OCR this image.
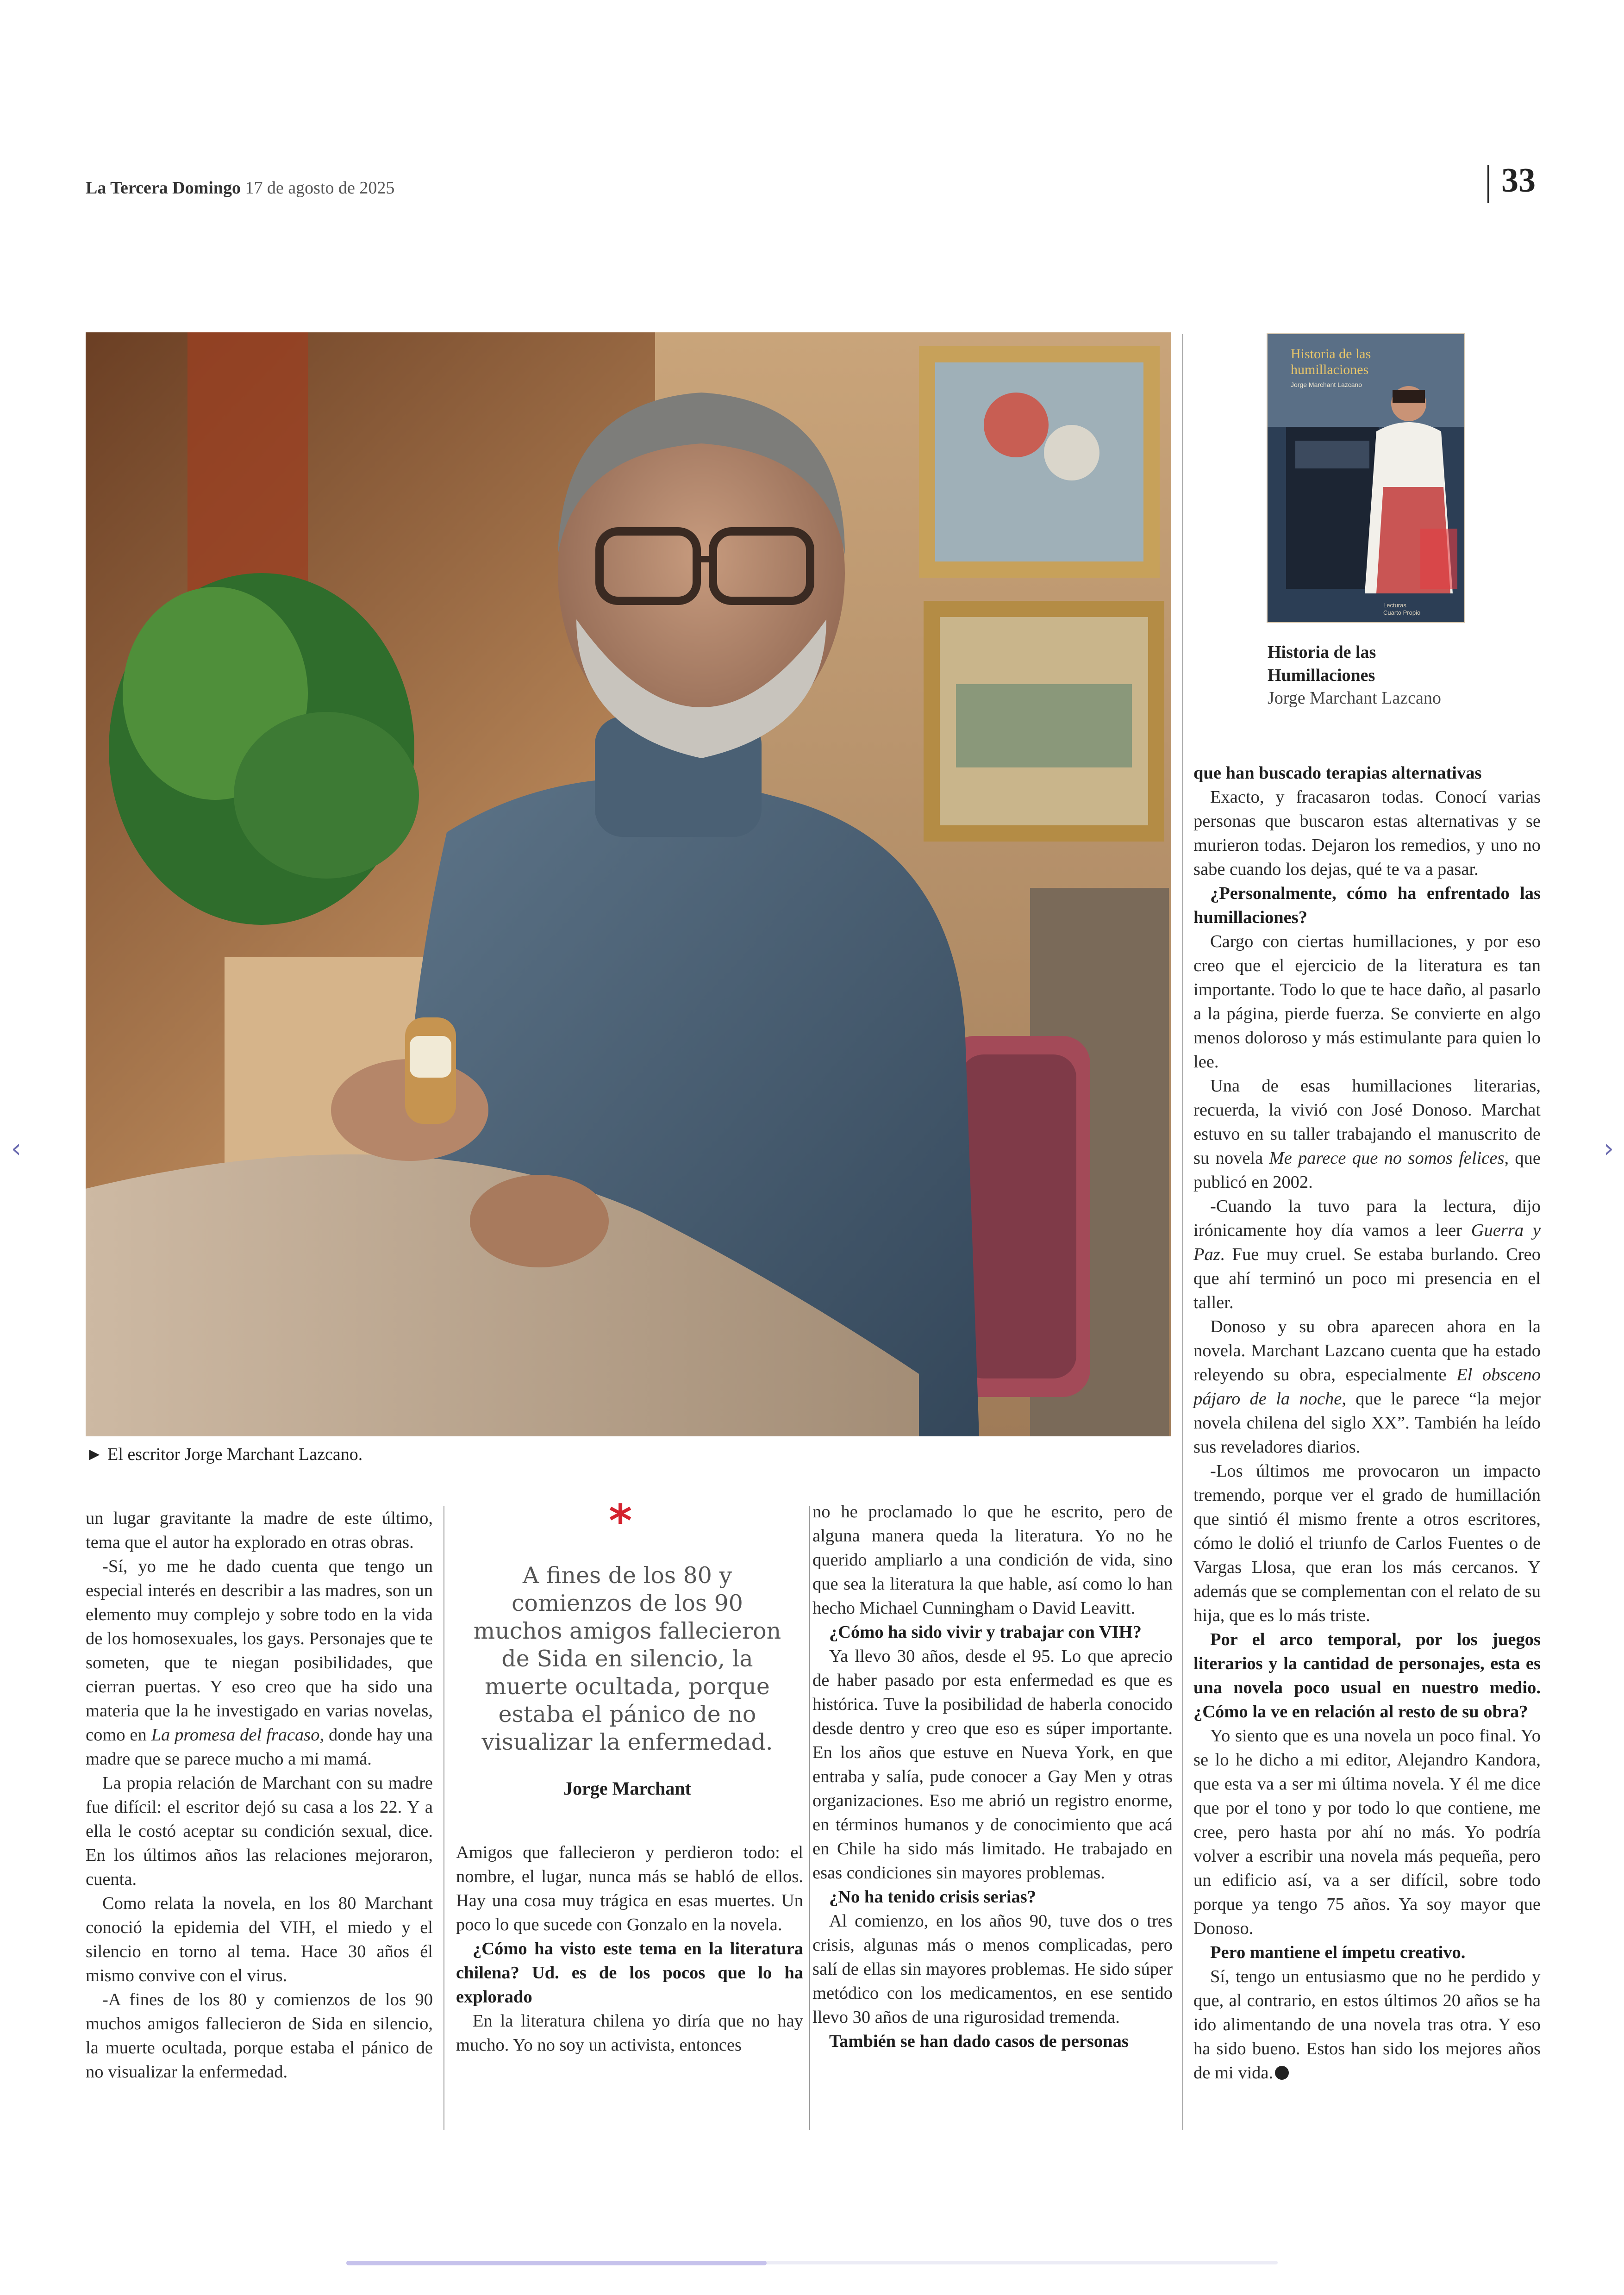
La Tercera Domingo 17 de agosto de 2025	33
‹	›
► El escritor Jorge Marchant Lazcano.
Historia de las
humillaciones
Jorge Marchant Lazcano
Lecturas
Cuarto Propio
Historia de las
Humillaciones
Jorge Marchant Lazcano

un lugar gravitante la madre de este último, tema que el autor ha explorado en otras obras.

-Sí, yo me he dado cuenta que tengo un especial interés en describir a las madres, son un elemento muy complejo y sobre todo en la vida de los homosexuales, los gays. Personajes que te someten, que te niegan posibilidades, que cierran puertas. Y eso creo que ha sido una materia que la he investigado en varias novelas, como en La promesa del fracaso, donde hay una madre que se parece mucho a mi mamá.

La propia relación de Marchant con su madre fue difícil: el escritor dejó su casa a los 22. Y a ella le costó aceptar su condición sexual, dice. En los últimos años las relaciones mejoraron, cuenta.

Como relata la novela, en los 80 Marchant conoció la epidemia del VIH, el miedo y el silencio en torno al tema. Hace 30 años él mismo convive con el virus.

-A fines de los 80 y comienzos de los 90 muchos amigos fallecieron de Sida en silencio, la muerte ocultada, porque estaba el pánico de no visualizar la enfermedad.

*
A fines de los 80 y comienzos de los 90 muchos amigos fallecieron de Sida en silencio, la muerte ocultada, porque estaba el pánico de no visualizar la enfermedad.
Jorge Marchant

Amigos que fallecieron y perdieron todo: el nombre, el lugar, nunca más se habló de ellos. Hay una cosa muy trágica en esas muertes. Un poco lo que sucede con Gonzalo en la novela.

¿Cómo ha visto este tema en la literatura chilena? Ud. es de los pocos que lo ha explorado

En la literatura chilena yo diría que no hay mucho. Yo no soy un activista, entonces

no he proclamado lo que he escrito, pero de alguna manera queda la literatura. Yo no he querido ampliarlo a una condición de vida, sino que sea la literatura la que hable, así como lo han hecho Michael Cunningham o David Leavitt.

¿Cómo ha sido vivir y trabajar con VIH?

Ya llevo 30 años, desde el 95. Lo que aprecio de haber pasado por esta enfermedad es que es histórica. Tuve la posibilidad de haberla conocido desde dentro y creo que eso es súper importante. En los años que estuve en Nueva York, en que entraba y salía, pude conocer a Gay Men y otras organizaciones. Eso me abrió un registro enorme, en términos humanos y de conocimiento que acá en Chile ha sido más limitado. He trabajado en esas condiciones sin mayores problemas.

¿No ha tenido crisis serias?

Al comienzo, en los años 90, tuve dos o tres crisis, algunas más o menos complicadas, pero salí de ellas sin mayores problemas. He sido súper metódico con los medicamentos, en ese sentido llevo 30 años de una rigurosidad tremenda.

También se han dado casos de personas

que han buscado terapias alternativas

Exacto, y fracasaron todas. Conocí varias personas que buscaron estas alternativas y se murieron todas. Dejaron los remedios, y uno no sabe cuando los dejas, qué te va a pasar.

¿Personalmente, cómo ha enfrentado las humillaciones?

Cargo con ciertas humillaciones, y por eso creo que el ejercicio de la literatura es tan importante. Todo lo que te hace daño, al pasarlo a la página, pierde fuerza. Se convierte en algo menos doloroso y más estimulante para quien lo lee.

Una de esas humillaciones literarias, recuerda, la vivió con José Donoso. Marchat estuvo en su taller trabajando el manuscrito de su novela Me parece que no somos felices, que publicó en 2002.

-Cuando la tuvo para la lectura, dijo irónicamente hoy día vamos a leer Guerra y Paz. Fue muy cruel. Se estaba burlando. Creo que ahí terminó un poco mi presencia en el taller.

Donoso y su obra aparecen ahora en la novela. Marchant Lazcano cuenta que ha estado releyendo su obra, especialmente El obsceno pájaro de la noche, que le parece “la mejor novela chilena del siglo XX”. También ha leído sus reveladores diarios.

-Los últimos me provocaron un impacto tremendo, porque ver el grado de humillación que sintió él mismo frente a otros escritores, cómo le dolió el triunfo de Carlos Fuentes o de Vargas Llosa, que eran los más cercanos. Y además que se complementan con el relato de su hija, que es lo más triste.

Por el arco temporal, por los juegos literarios y la cantidad de personajes, esta es una novela poco usual en nuestro medio. ¿Cómo la ve en relación al resto de su obra?

Yo siento que es una novela un poco final. Yo se lo he dicho a mi editor, Alejandro Kandora, que esta va a ser mi última novela. Y él me dice que por el tono y por todo lo que contiene, me cree, pero hasta por ahí no más. Yo podría volver a escribir una novela más pequeña, pero un edificio así, va a ser difícil, sobre todo porque ya tengo 75 años. Ya soy mayor que Donoso.

Pero mantiene el ímpetu creativo.

Sí, tengo un entusiasmo que no he perdido y que, al contrario, en estos últimos 20 años se ha ido alimentando de una novela tras otra. Y eso ha sido bueno. Estos han sido los mejores años de mi vida.
